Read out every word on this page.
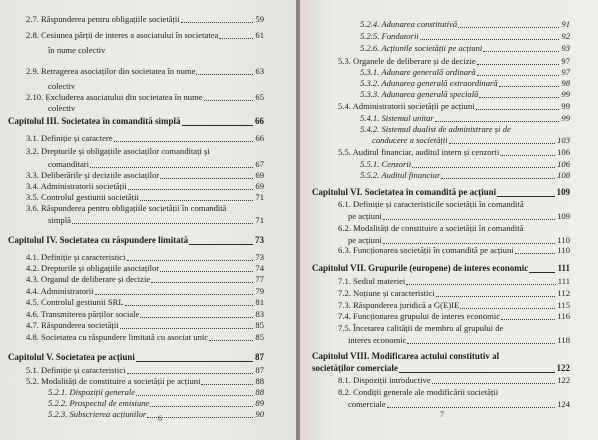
2.7. Răspunderea pentru obligațiile societății	59
2.8. Cesiunea părții de interes a asociatului în societatea	61
în nume colectiv
2.9. Retragerea asociaților din societatea în nume	63
colectiv
2.10. Excluderea asociatului din societatea în nume	65
colectiv
Capitolul III. Societatea în comandită simplă	66
3.1. Definiție și caractere	66
3.2. Drepturile și obligațiile asociaților comanditați și
comanditari	67
3.3. Deliberările și deciziile asociaților	69
3.4. Administratorii societății	69
3.5. Controlul gestiunii societății	71
3.6. Răspunderea pentru obligațiile societății în comandită
simplă	71
Capitolul IV. Societatea cu răspundere limitată	73
4.1. Definiție și caracteristici	73
4.2. Drepturile și obligațiile asociaților	74
4.3. Organul de deliberare și decizie	77
4.4. Administratorii	79
4.5. Controlul gestiunii SRL	81
4.6. Transmiterea părților sociale	83
4.7. Răspunderea societății	85
4.8. Societatea cu răspundere limitată cu asociat unic	85
Capitolul V. Societatea pe acțiuni	87
5.1. Definiție și caracteristici	87
5.2. Modalități de constituire a societății pe acțiuni	88
5.2.1. Dispoziții generale	88
5.2.2. Prospectul de emisiune	89
5.2.3. Subscrierea acțiunilor	90
6
5.2.4. Adunarea constitutivă	91
5.2.5. Fondatorii	92
5.2.6. Acțiunile societății pe acțiuni	93
5.3. Organele de deliberare și de decizie	97
5.3.1. Adunare generală ordinară	97
5.3.2. Adunarea generală extraordinară	98
5.3.3. Adunarea generală specială	99
5.4. Administratorii societății pe acțiuni	99
5.4.1. Sistemul unitar	99
5.4.2. Sistemul dualist de administrare și de
conducere a societății	103
5.5. Auditul financiar, auditul intern și cenzorii	106
5.5.1. Cenzorii	106
5.5.2. Auditul financiar	108
Capitolul VI. Societatea în comandită pe acțiuni	109
6.1. Definiție și caracteristicile societății în comandită
pe acțiuni	109
6.2. Modalități de constituire a societății în comandită
pe acțiuni	110
6.3. Funcționarea societății în comandită pe acțiuni	110
Capitolul VII. Grupurile (europene) de interes economic	111
7.1. Sediul materiei	111
7.2. Noțiune și caracteristici	112
7.3. Răspunderea juridică a G(E)IE	115
7.4. Funcționarea grupului de interes economic	116
7.5. Încetarea calității de membru al grupului de
interes economic	118
Capitolul VIII. Modificarea actului constitutiv al
societăților comerciale	122
8.1. Dispoziții introductive	122
8.2. Condiții generale ale modificării societății
comerciale	124
7
